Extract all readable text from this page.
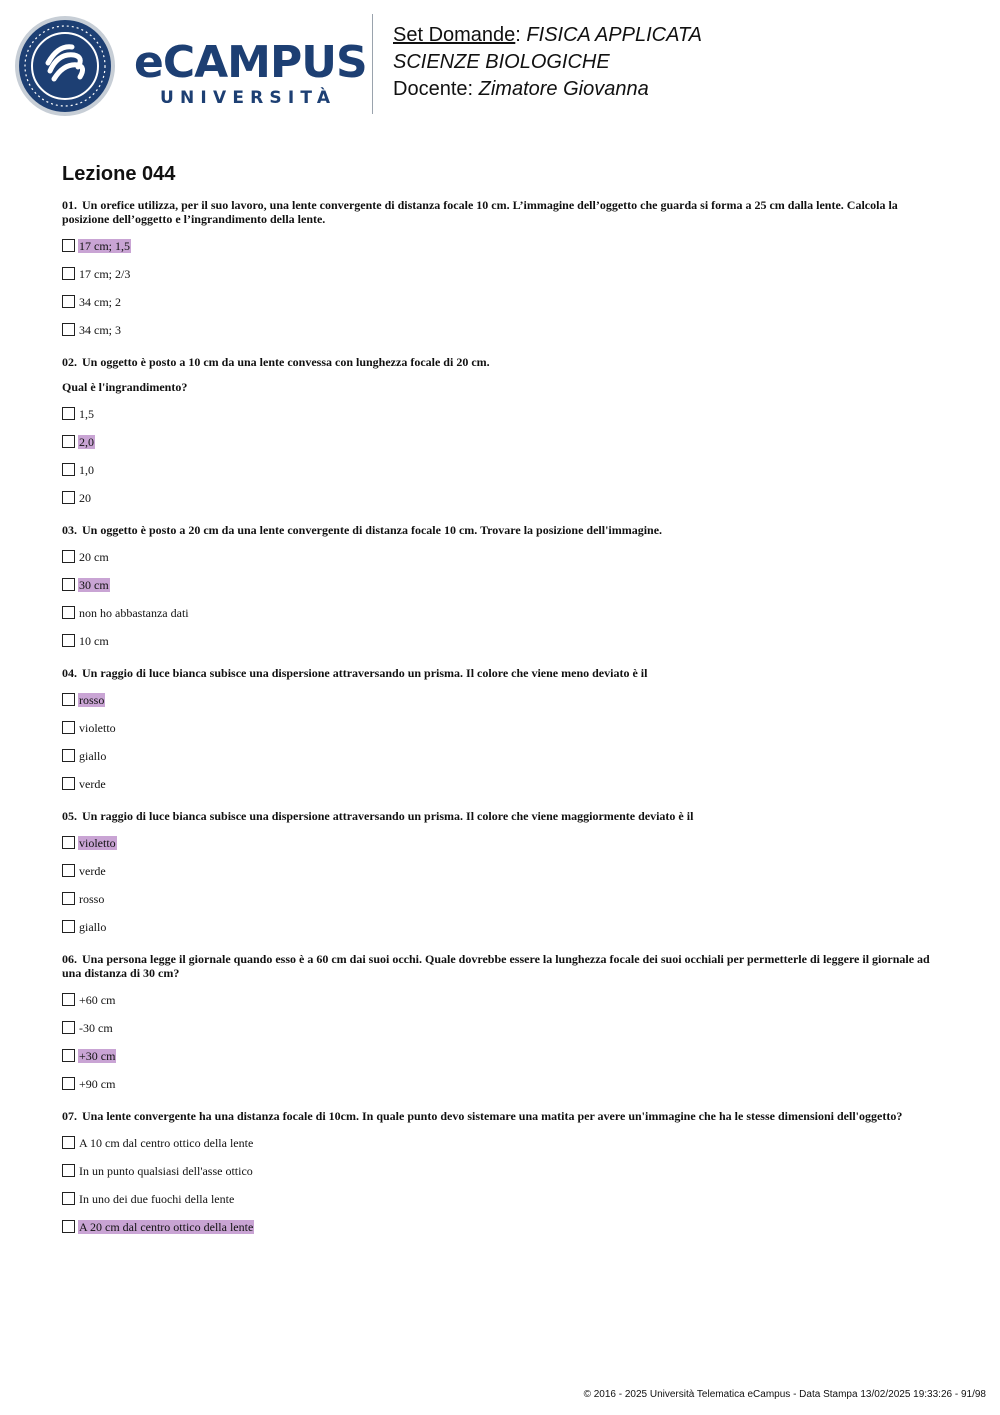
eCAMPUS
UNIVERSITÀ
Set Domande: FISICA APPLICATA
SCIENZE BIOLOGICHE
Docente: Zimatore Giovanna
Lezione 044

01. Un orefice utilizza, per il suo lavoro, una lente convergente di distanza focale 10 cm. L’immagine dell’oggetto che guarda si forma a 25 cm dalla lente. Calcola la posizione dell’oggetto e l’ingrandimento della lente.

17 cm; 1,5
17 cm; 2/3
34 cm; 2
34 cm; 3

02. Un oggetto è posto a 10 cm da una lente convessa con lunghezza focale di 20 cm.

Qual è l'ingrandimento?

1,5
2,0
1,0
20

03. Un oggetto è posto a 20 cm da una lente convergente di distanza focale 10 cm. Trovare la posizione dell'immagine.

20 cm
30 cm
non ho abbastanza dati
10 cm

04. Un raggio di luce bianca subisce una dispersione attraversando un prisma. Il colore che viene meno deviato è il

rosso
violetto
giallo
verde

05. Un raggio di luce bianca subisce una dispersione attraversando un prisma. Il colore che viene maggiormente deviato è il

violetto
verde
rosso
giallo

06. Una persona legge il giornale quando esso è a 60 cm dai suoi occhi. Quale dovrebbe essere la lunghezza focale dei suoi occhiali per permetterle di leggere il giornale ad una distanza di 30 cm?

+60 cm
-30 cm
+30 cm
+90 cm

07. Una lente convergente ha una distanza focale di 10cm. In quale punto devo sistemare una matita per avere un'immagine che ha le stesse dimensioni dell'oggetto?

A 10 cm dal centro ottico della lente
In un punto qualsiasi dell'asse ottico
In uno dei due fuochi della lente
A 20 cm dal centro ottico della lente
© 2016 - 2025 Università Telematica eCampus - Data Stampa 13/02/2025 19:33:26 - 91/98
